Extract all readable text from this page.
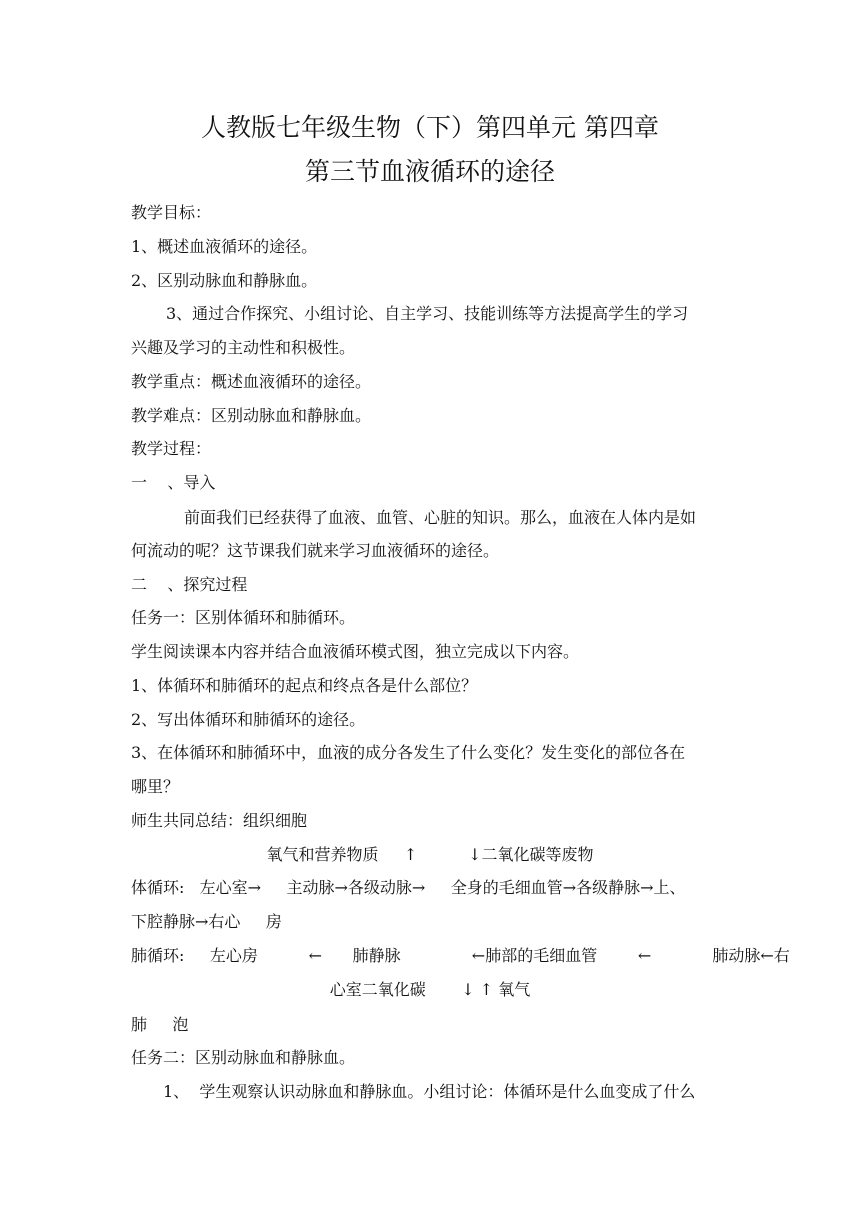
人教版七年级生物（下）第四单元 第四章
第三节血液循环的途径
教学目标：
1、概述血液循环的途径。
2、区别动脉血和静脉血。
3、通过合作探究、小组讨论、自主学习、技能训练等方法提高学生的学习
兴趣及学习的主动性和积极性。
教学重点：概述血液循环的途径。
教学难点：区别动脉血和静脉血。
教学过程：
一    、导入
前面我们已经获得了血液、血管、心脏的知识。那么，血液在人体内是如
何流动的呢？这节课我们就来学习血液循环的途径。
二    、探究过程
任务一：区别体循环和肺循环。
学生阅读课本内容并结合血液循环模式图，独立完成以下内容。
1、体循环和肺循环的起点和终点各是什么部位？
2、写出体循环和肺循环的途径。
3、在体循环和肺循环中，血液的成分各发生了什么变化？发生变化的部位各在
哪里？
师生共同总结：组织细胞
氧气和营养物质     ↑          ↓二氧化碳等废物
体循环:   左心室→     主动脉→各级动脉→     全身的毛细血管→各级静脉→上、
下腔静脉→右心     房
肺循环:     左心房          ←      肺静脉              ←肺部的毛细血管        ←            肺动脉←右
心室二氧化碳       ↓ ↑ 氧气
肺     泡
任务二：区别动脉血和静脉血。
1、  学生观察认识动脉血和静脉血。小组讨论：体循环是什么血变成了什么
